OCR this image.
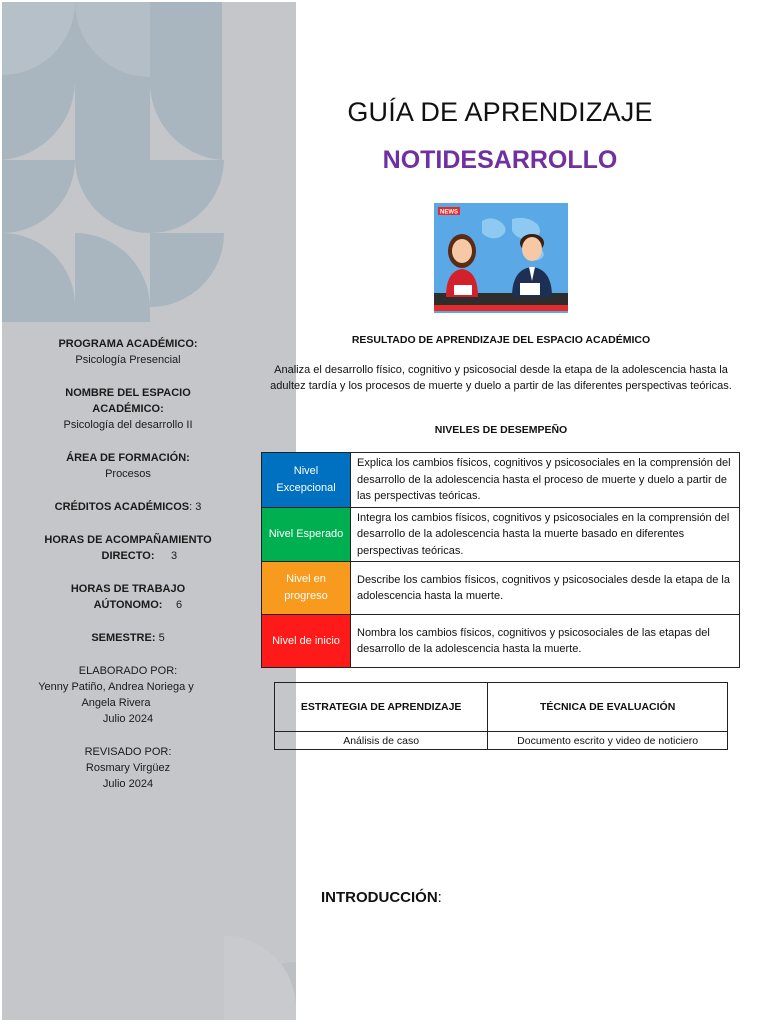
PROGRAMA ACADÉMICO:
Psicología Presencial
NOMBRE DEL ESPACIO ACADÉMICO:
Psicología del desarrollo II
ÁREA DE FORMACIÓN:
Procesos
CRÉDITOS ACADÉMICOS: 3
HORAS DE ACOMPAÑAMIENTO DIRECTO:	3
HORAS DE TRABAJO AÚTONOMO:	6
SEMESTRE: 5
ELABORADO POR:
Yenny Patiño, Andrea Noriega y Angela Rivera
Julio 2024
REVISADO POR:
Rosmary Virgüez
Julio 2024
GUÍA DE APRENDIZAJE
NOTIDESARROLLO
NEWS
RESULTADO DE APRENDIZAJE DEL ESPACIO ACADÉMICO
Analiza el desarrollo físico, cognitivo y psicosocial desde la etapa de la adolescencia hasta la adultez tardía y los procesos de muerte y duelo a partir de las diferentes perspectivas teóricas.
NIVELES DE DESEMPEÑO
Nivel Excepcional	Explica los cambios físicos, cognitivos y psicosociales en la comprensión del desarrollo de la adolescencia hasta el proceso de muerte y duelo a partir de las perspectivas teóricas.
Nivel Esperado	Integra los cambios físicos, cognitivos y psicosociales en la comprensión del desarrollo de la adolescencia hasta la muerte basado en diferentes perspectivas teóricas.
Nivel en progreso	Describe los cambios físicos, cognitivos y psicosociales desde la etapa de la adolescencia hasta la muerte.
Nivel de inicio	Nombra los cambios físicos, cognitivos y psicosociales de las etapas del desarrollo de la adolescencia hasta la muerte.
ESTRATEGIA DE APRENDIZAJE	TÉCNICA DE EVALUACIÓN
Análisis de caso	Documento escrito y video de noticiero
INTRODUCCIÓN:
